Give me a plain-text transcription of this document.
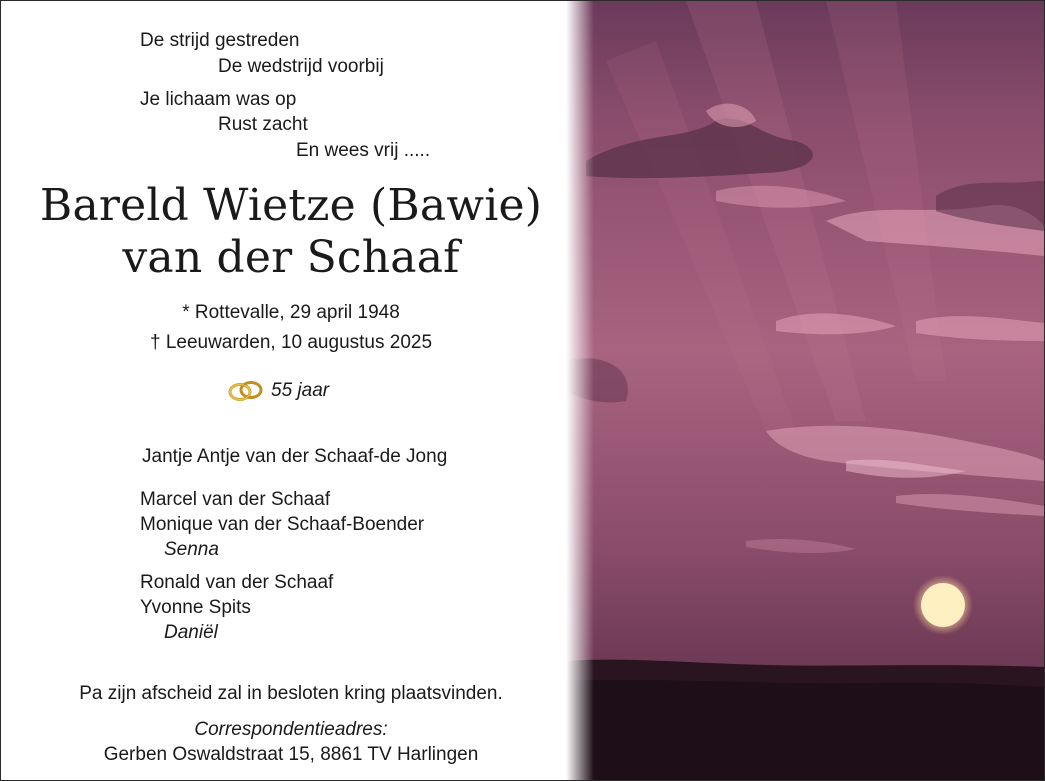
De strijd gestreden
De wedstrijd voorbij
Je lichaam was op
Rust zacht
En wees vrij .....
Bareld Wietze (Bawie)
van der Schaaf
* Rottevalle, 29 april 1948
† Leeuwarden, 10 augustus 2025
55 jaar
Jantje Antje van der Schaaf-de Jong
Marcel van der Schaaf
Monique van der Schaaf-Boender
Senna
Ronald van der Schaaf
Yvonne Spits
Daniël
Pa zijn afscheid zal in besloten kring plaatsvinden.
Correspondentieadres:
Gerben Oswaldstraat 15, 8861 TV Harlingen
